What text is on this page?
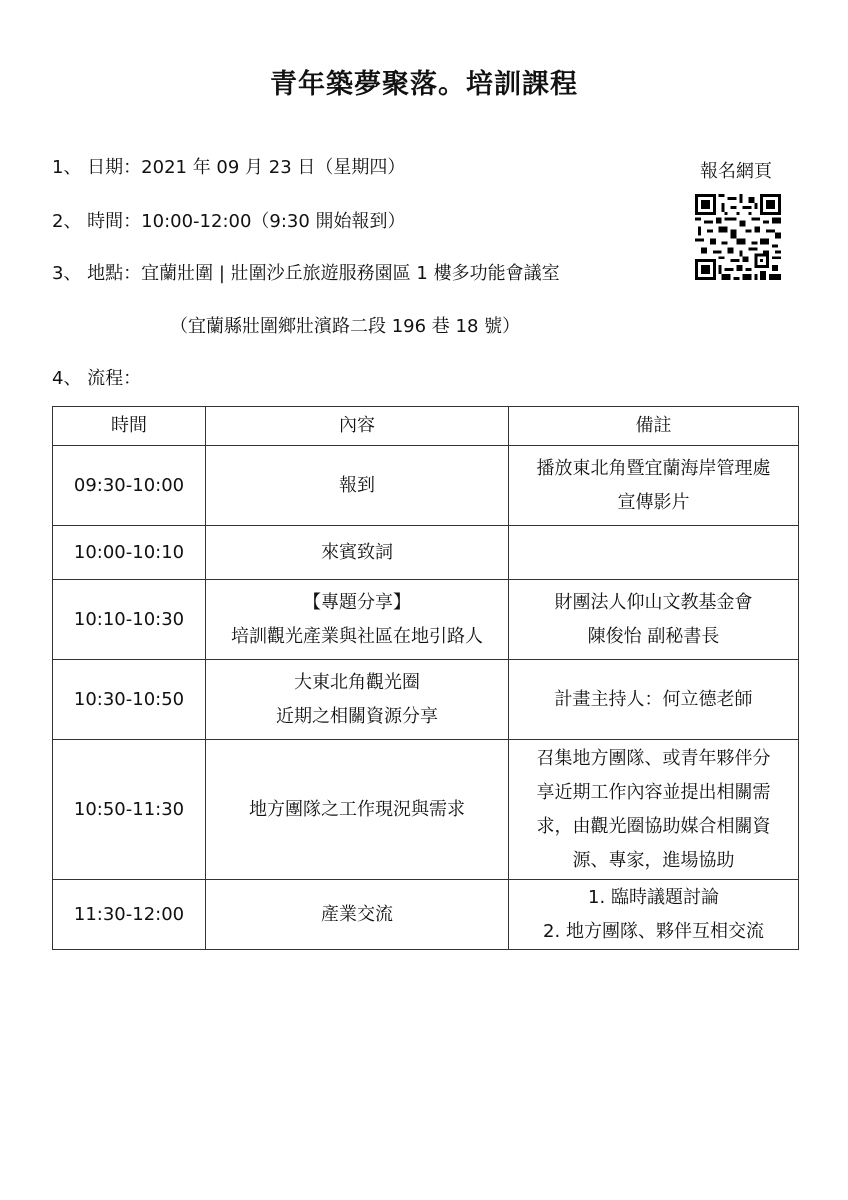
青年築夢聚落。培訓課程
1、 日期：2021 年 09 月 23 日（星期四）
2、 時間：10:00-12:00（9:30 開始報到）
3、 地點：宜蘭壯圍 | 壯圍沙丘旅遊服務園區 1 樓多功能會議室
（宜蘭縣壯圍鄉壯濱路二段 196 巷 18 號）
4、 流程：
報名網頁
時間	內容	備註
09:30-10:00	報到	播放東北角暨宜蘭海岸管理處
宣傳影片

10:00-10:10	來賓致詞	

10:10-10:30	【專題分享】
培訓觀光產業與社區在地引路人	財團法人仰山文教基金會
陳俊怡 副秘書長

10:30-10:50	大東北角觀光圈
近期之相關資源分享	計畫主持人：何立德老師

10:50-11:30	地方團隊之工作現況與需求	召集地方團隊、或青年夥伴分
享近期工作內容並提出相關需
求，由觀光圈協助媒合相關資
源、專家，進場協助

11:30-12:00	產業交流	1. 臨時議題討論
2. 地方團隊、夥伴互相交流
